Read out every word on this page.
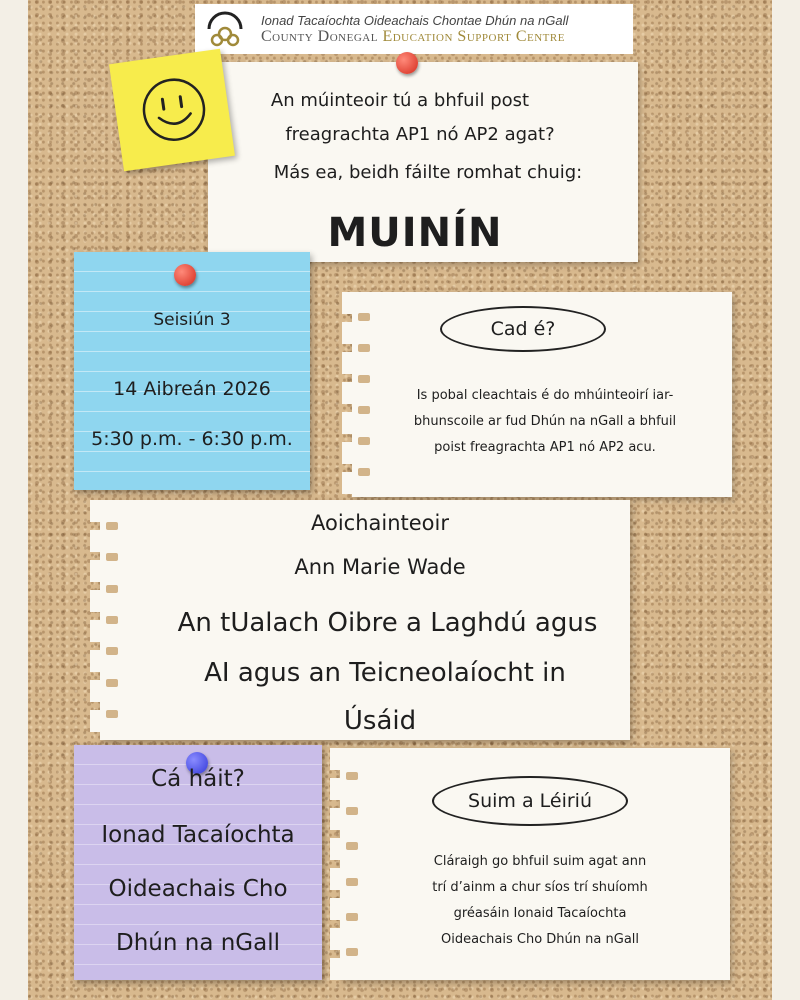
Ionad Tacaíochta Oideachais Chontae Dhún na nGall
County Donegal Education Support Centre
An múinteoir tú a bhfuil post
freagrachta AP1 nó AP2 agat?
Más ea, beidh fáilte romhat chuig:
MUINÍN
Seisiún 3
14 Aibreán 2026
5:30 p.m. - 6:30 p.m.
Cad é?
Is pobal cleachtais é do mhúinteoirí iar-
bhunscoile ar fud Dhún na nGall a bhfuil
poist freagrachta AP1 nó AP2 acu.
Aoichainteoir
Ann Marie Wade
An tUalach Oibre a Laghdú agus
AI agus an Teicneolaíocht in
Úsáid
Cá háit?
Ionad Tacaíochta
Oideachais Cho
Dhún na nGall
Suim a Léiriú
Cláraigh go bhfuil suim agat ann
trí d’ainm a chur síos trí shuíomh
gréasáin Ionaid Tacaíochta
Oideachais Cho Dhún na nGall
